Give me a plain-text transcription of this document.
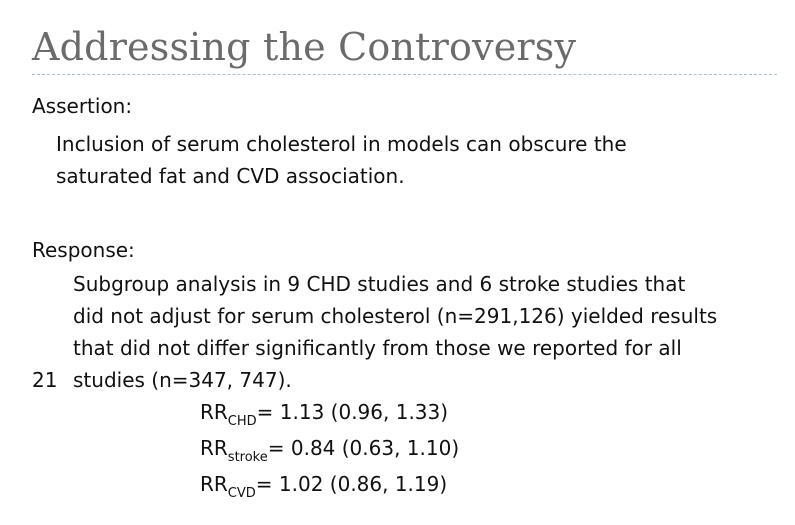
Addressing the Controversy

Assertion:

Inclusion of serum cholesterol in models can obscure the
saturated fat and CVD association.

Response:

Subgroup analysis in 9 CHD studies and 6 stroke studies that
did not adjust for serum cholesterol (n=291,126) yielded results
that did not differ significantly from those we reported for all
studies (n=347, 747).

21

$RR_{CHD}= 1.13$ (0.96, 1.33)
$RR_{stroke}= 0.84$ (0.63, 1.10)
$RR_{CVD}= 1.02$ (0.86, 1.19)
